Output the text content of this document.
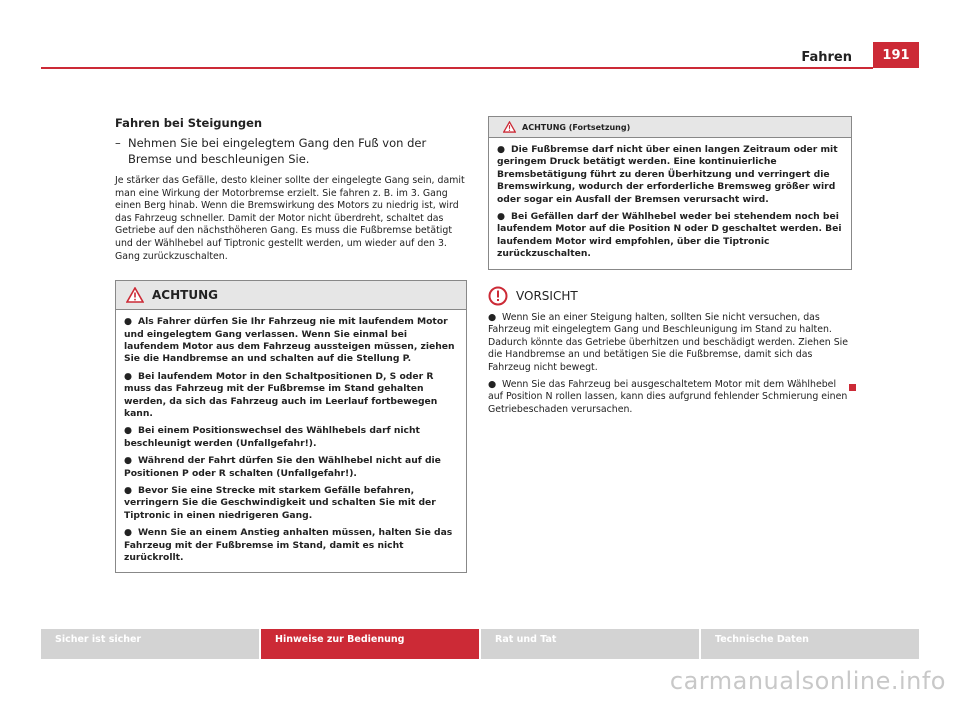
Fahren	191
Fahren bei Steigungen
– Nehmen Sie bei eingelegtem Gang den Fuß von der Bremse und beschleunigen Sie.

Je stärker das Gefälle, desto kleiner sollte der eingelegte Gang sein, damit man eine Wirkung der Motorbremse erzielt. Sie fahren z. B. im 3. Gang einen Berg hinab. Wenn die Bremswirkung des Motors zu niedrig ist, wird das Fahrzeug schneller. Damit der Motor nicht überdreht, schaltet das Getriebe auf den nächsthöheren Gang. Es muss die Fußbremse betätigt und der Wählhebel auf Tiptronic gestellt werden, um wieder auf den 3. Gang zurückzuschalten.

ACHTUNG

● Als Fahrer dürfen Sie Ihr Fahrzeug nie mit laufendem Motor und eingelegtem Gang verlassen. Wenn Sie einmal bei laufendem Motor aus dem Fahrzeug aussteigen müssen, ziehen Sie die Handbremse an und schalten auf die Stellung P.

● Bei laufendem Motor in den Schaltpositionen D, S oder R muss das Fahrzeug mit der Fußbremse im Stand gehalten werden, da sich das Fahrzeug auch im Leerlauf fortbewegen kann.

● Bei einem Positionswechsel des Wählhebels darf nicht beschleunigt werden (Unfallgefahr!).

● Während der Fahrt dürfen Sie den Wählhebel nicht auf die Positionen P oder R schalten (Unfallgefahr!).

● Bevor Sie eine Strecke mit starkem Gefälle befahren, verringern Sie die Geschwindigkeit und schalten Sie mit der Tiptronic in einen niedrigeren Gang.

● Wenn Sie an einem Anstieg anhalten müssen, halten Sie das Fahrzeug mit der Fußbremse im Stand, damit es nicht zurückrollt.

ACHTUNG (Fortsetzung)

● Die Fußbremse darf nicht über einen langen Zeitraum oder mit geringem Druck betätigt werden. Eine kontinuierliche Bremsbetätigung führt zu deren Überhitzung und verringert die Bremswirkung, wodurch der erforderliche Bremsweg größer wird oder sogar ein Ausfall der Bremsen verursacht wird.

● Bei Gefällen darf der Wählhebel weder bei stehendem noch bei laufendem Motor auf die Position N oder D geschaltet werden. Bei laufendem Motor wird empfohlen, über die Tiptronic zurückzuschalten.

VORSICHT

● Wenn Sie an einer Steigung halten, sollten Sie nicht versuchen, das Fahrzeug mit eingelegtem Gang und Beschleunigung im Stand zu halten. Dadurch könnte das Getriebe überhitzen und beschädigt werden. Ziehen Sie die Handbremse an und betätigen Sie die Fußbremse, damit sich das Fahrzeug nicht bewegt.

● Wenn Sie das Fahrzeug bei ausgeschaltetem Motor mit dem Wählhebel auf Position N rollen lassen, kann dies aufgrund fehlender Schmierung einen Getriebeschaden verursachen.

Sicher ist sicher	Hinweise zur Bedienung	Rat und Tat	Technische Daten
carmanualsonline.info
